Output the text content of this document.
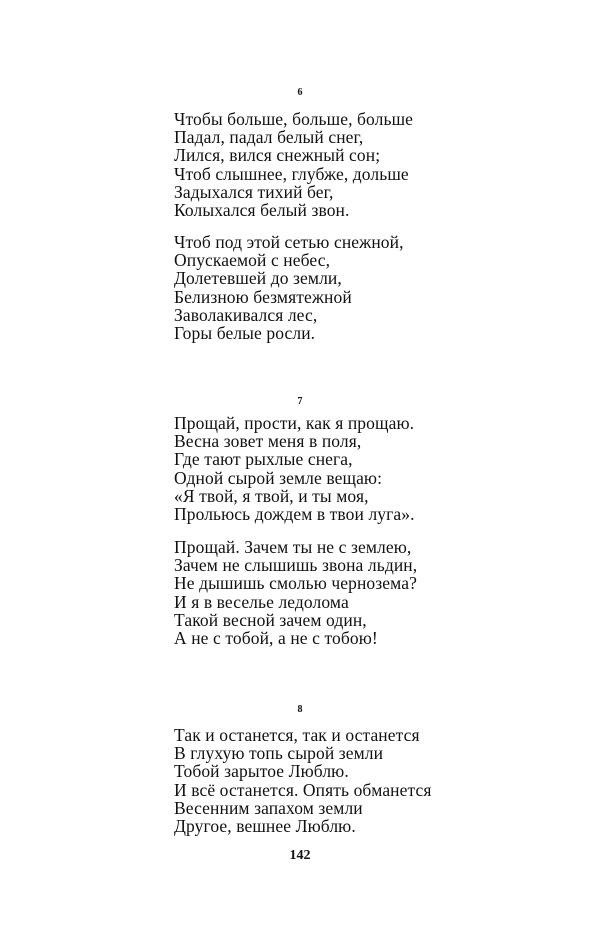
6
Чтобы больше, больше, больше
Падал, падал белый снег,
Лился, вился снежный сон;
Чтоб слышнее, глубже, дольше
Задыхался тихий бег,
Колыхался белый звон.
Чтоб под этой сетью снежной,
Опускаемой с небес,
Долетевшей до земли,
Белизною безмятежной
Заволакивался лес,
Горы белые росли.
7
Прощай, прости, как я прощаю.
Весна зовет меня в поля,
Где тают рыхлые снега,
Одной сырой земле вещаю:
«Я твой, я твой, и ты моя,
Прольюсь дождем в твои луга».
Прощай. Зачем ты не с землею,
Зачем не слышишь звона льдин,
Не дышишь смолью чернозема?
И я в веселье ледолома
Такой весной зачем один,
А не с тобой, а не с тобою!
8
Так и останется, так и останется
В глухую топь сырой земли
Тобой зарытое Люблю.
И всё останется. Опять обманется
Весенним запахом земли
Другое, вешнее Люблю.
142
